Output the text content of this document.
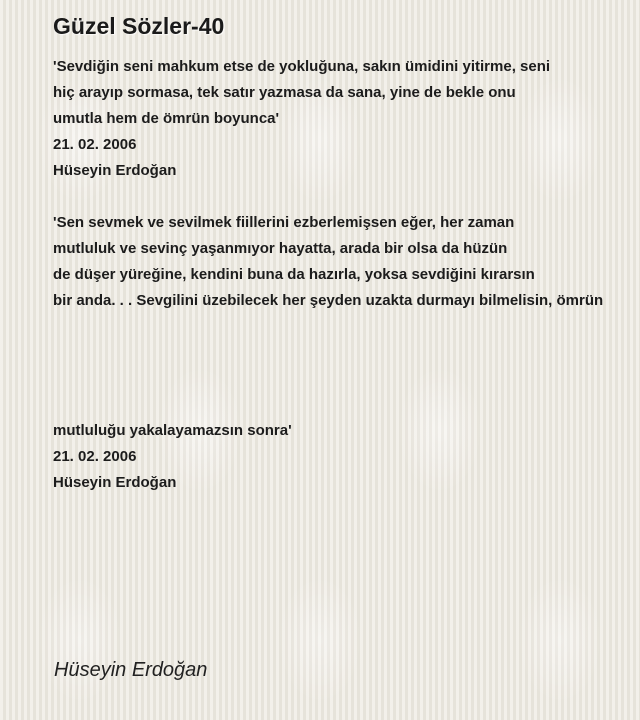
Güzel Sözler-40
'Sevdiğin seni mahkum etse de yokluğuna, sakın ümidini yitirme, seni
hiç arayıp sormasa, tek satır yazmasa da sana, yine de bekle onu
umutla hem de ömrün boyunca'
21. 02. 2006
Hüseyin Erdoğan
'Sen sevmek ve sevilmek fiillerini ezberlemişsen eğer, her zaman
mutluluk ve sevinç yaşanmıyor hayatta, arada bir olsa da hüzün
de düşer yüreğine, kendini buna da hazırla, yoksa sevdiğini kırarsın
bir anda. . . Sevgilini üzebilecek her şeyden uzakta durmayı bilmelisin, ömrün
mutluluğu yakalayamazsın sonra'
21. 02. 2006
Hüseyin Erdoğan
Hüseyin Erdoğan
